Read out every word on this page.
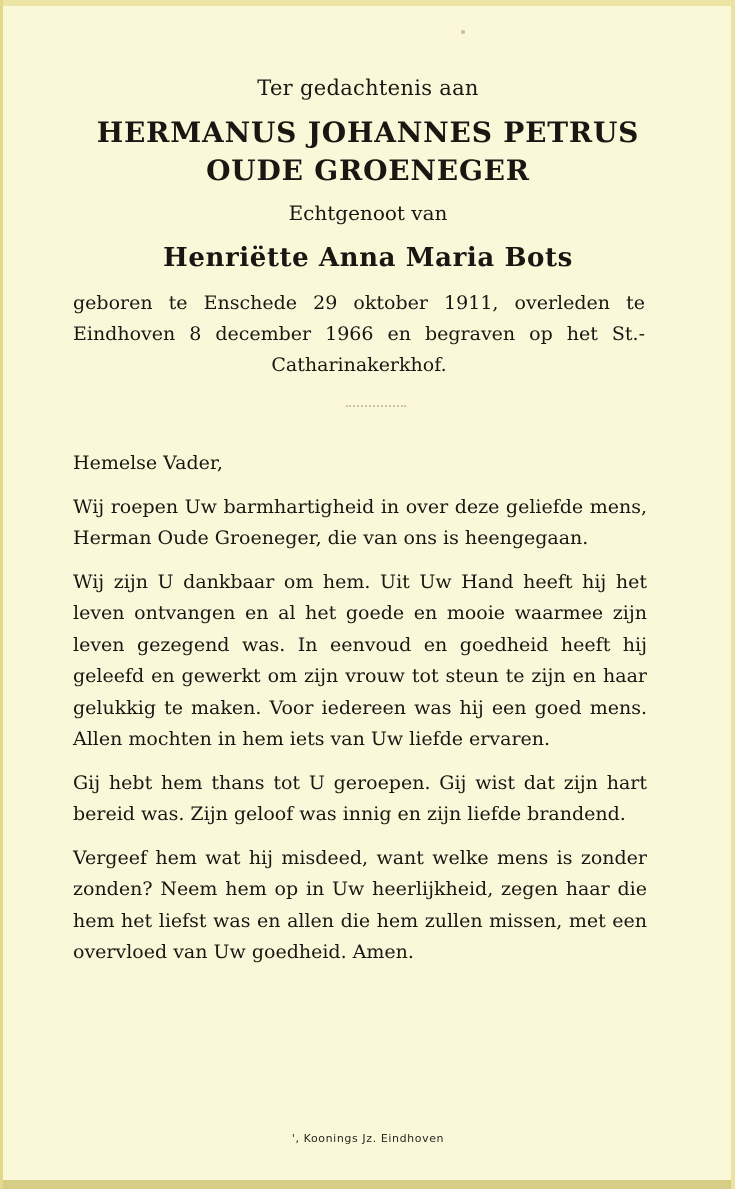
Ter gedachtenis aan
HERMANUS JOHANNES PETRUS
OUDE GROENEGER
Echtgenoot van
Henriëtte Anna Maria Bots
geboren te Enschede 29 oktober 1911, overleden te Eindhoven 8 december 1966 en begraven op het St.-Catharinakerkhof.

Hemelse Vader,

Wij roepen Uw barmhartigheid in over deze geliefde mens, Herman Oude Groeneger, die van ons is heengegaan.

Wij zijn U dankbaar om hem. Uit Uw Hand heeft hij het leven ontvangen en al het goede en mooie waarmee zijn leven gezegend was. In eenvoud en goedheid heeft hij geleefd en gewerkt om zijn vrouw tot steun te zijn en haar gelukkig te maken. Voor iedereen was hij een goed mens. Allen mochten in hem iets van Uw liefde ervaren.

Gij hebt hem thans tot U geroepen. Gij wist dat zijn hart bereid was. Zijn geloof was innig en zijn liefde brandend.

Vergeef hem wat hij misdeed, want welke mens is zonder zonden? Neem hem op in Uw heerlijkheid, zegen haar die hem het liefst was en allen die hem zullen missen, met een overvloed van Uw goedheid. Amen.

', Koonings Jz. Eindhoven
